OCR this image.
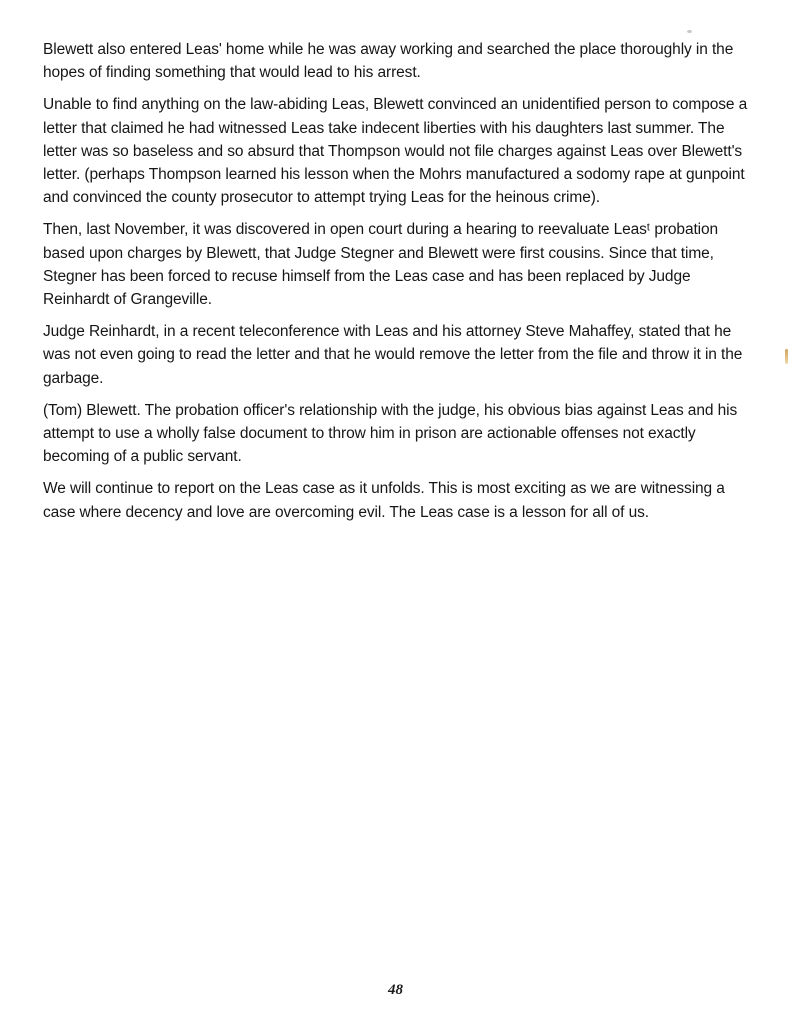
Blewett also entered Leas' home while he was away working and searched the place thoroughly in the hopes of finding something that would lead to his arrest.

Unable to find anything on the law-abiding Leas, Blewett convinced an unidentified person to compose a letter that claimed he had witnessed Leas take indecent liberties with his daughters last summer. The letter was so baseless and so absurd that Thompson would not file charges against Leas over Blewett's letter. (perhaps Thompson learned his lesson when the Mohrs manufactured a sodomy rape at gunpoint and convinced the county prosecutor to attempt trying Leas for the heinous crime).

Then, last November, it was discovered in open court during a hearing to reevaluate Leasᵗ probation based upon charges by Blewett, that Judge Stegner and Blewett were first cousins. Since that time, Stegner has been forced to recuse himself from the Leas case and has been replaced by Judge Reinhardt of Grangeville.

Judge Reinhardt, in a recent teleconference with Leas and his attorney Steve Mahaffey, stated that he was not even going to read the letter and that he would remove the letter from the file and throw it in the garbage.

(Tom) Blewett. The probation officer's relationship with the judge, his obvious bias against Leas and his attempt to use a wholly false document to throw him in prison are actionable offenses not exactly becoming of a public servant.

We will continue to report on the Leas case as it unfolds. This is most exciting as we are witnessing a case where decency and love are overcoming evil. The Leas case is a lesson for all of us.

48
